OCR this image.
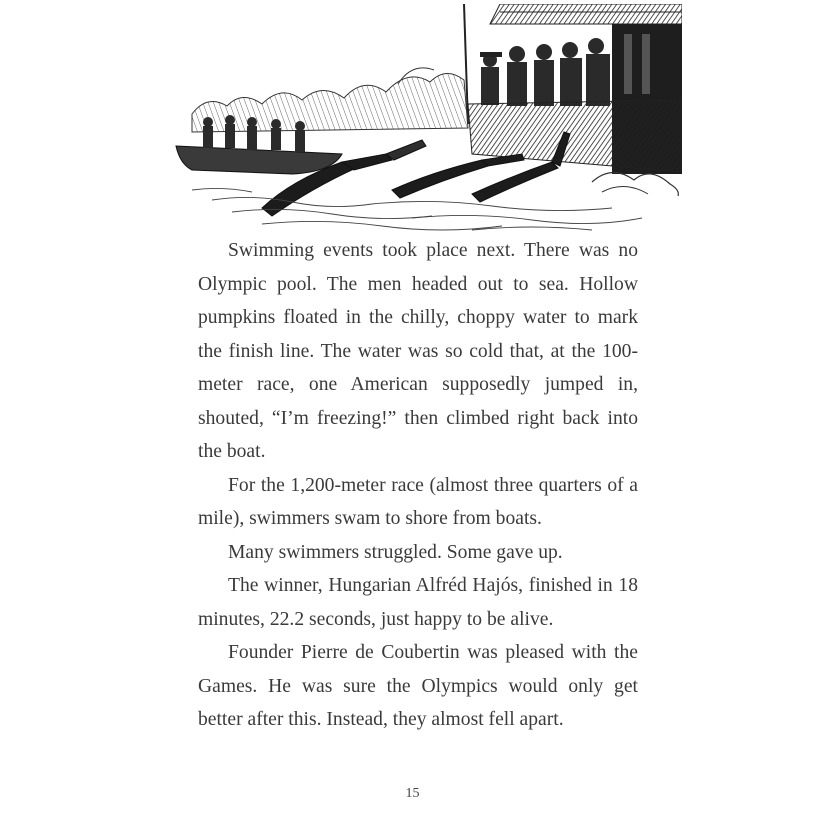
Swimming events took place next. There was no Olympic pool. The men headed out to sea. Hollow pumpkins floated in the chilly, choppy water to mark the finish line. The water was so cold that, at the 100-meter race, one American supposedly jumped in, shouted, “I’m freezing!” then climbed right back into the boat.

For the 1,200-meter race (almost three quarters of a mile), swimmers swam to shore from boats.

Many swimmers struggled. Some gave up.

The winner, Hungarian Alfréd Hajós, finished in 18 minutes, 22.2 seconds, just happy to be alive.

Founder Pierre de Coubertin was pleased with the Games. He was sure the Olympics would only get better after this. Instead, they almost fell apart.

15
